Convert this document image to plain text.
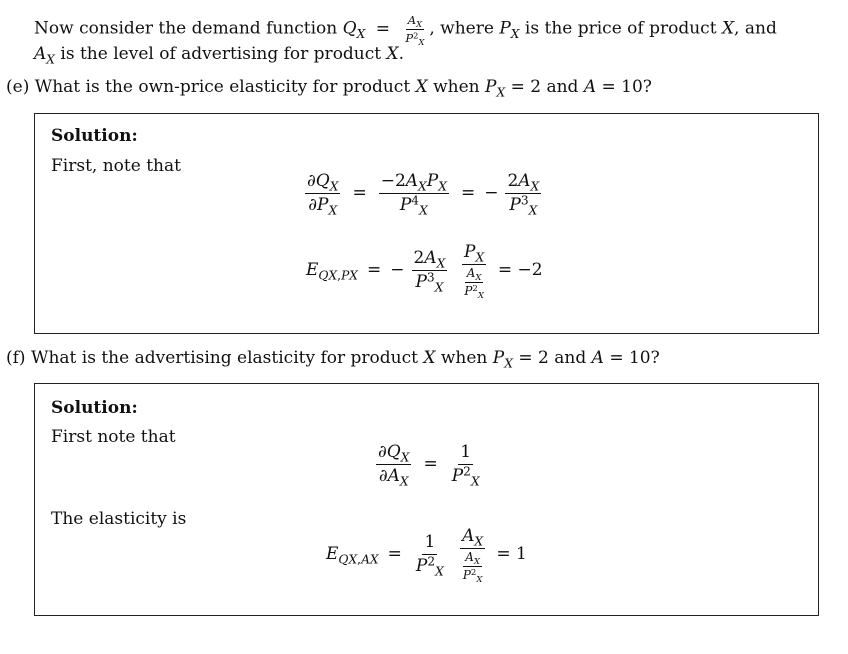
Now consider the demand function $Q_X = \frac{A_X}{P^2_X}$ , where $P_X$ is the price of product X, and
$A_X$ is the level of advertising for product X.
(e) What is the own-price elasticity for product X when $P_X = 2$ and A = 10?
Solution:
First, note that
$\frac{\partial Q_X}{\partial P_X} = \frac{-2A_XP_X}{P^4_X}$ = − $\frac{2A_X}{P^3_X}$
$E_{QX,PX}$ = − $\frac{2A_X}{P^3_X} \frac{P_X}{\frac{A_X}{P^2_X}} = -2$
(f) What is the advertising elasticity for product X when $P_X = 2$ and A = 10?
Solution:
First note that
$\frac{\partial Q_X}{\partial A_X} = \frac{1}{P^2_X}$
The elasticity is
$E_{QX,AX} = \frac{1}{P^2_X} \frac{A_X}{\frac{A_X}{P^2_X}} = 1$
